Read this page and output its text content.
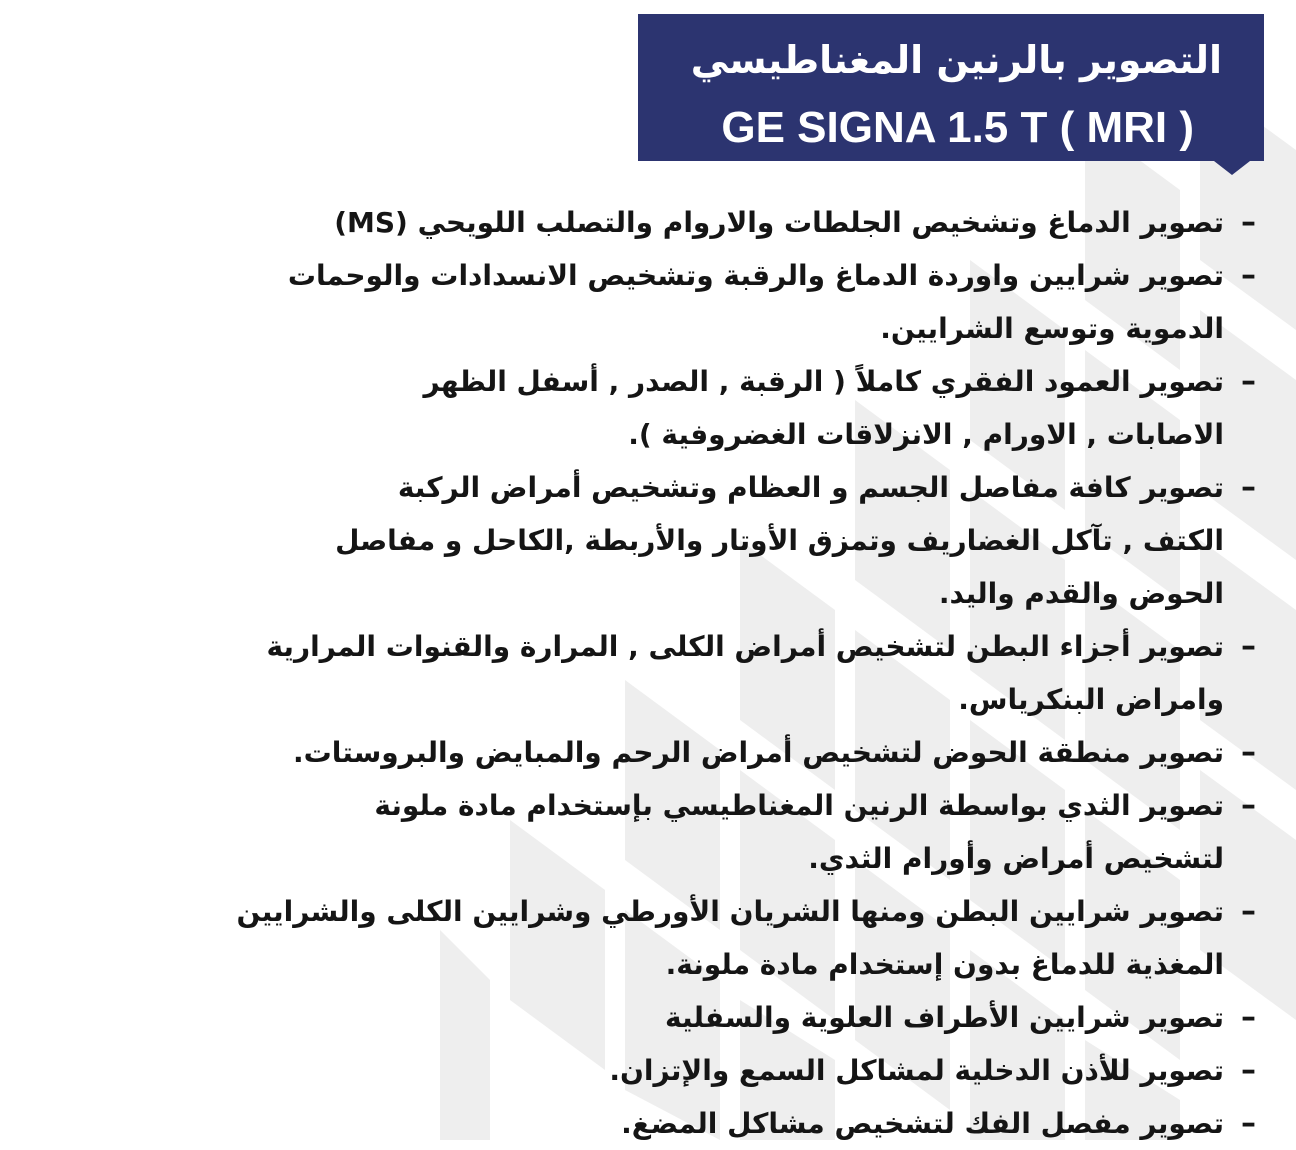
التصوير بالرنين المغناطيسي
GE SIGNA 1.5 T ( MRI )
–
تصوير الدماغ وتشخيص الجلطات والاروام والتصلب اللويحي (MS)
–
تصوير شرايين واوردة الدماغ والرقبة وتشخيص الانسدادات والوحمات
الدموية وتوسع الشرايين.
–
تصوير العمود الفقري كاملاً ( الرقبة , الصدر , أسفل الظهر
الاصابات , الاورام , الانزلاقات الغضروفية ).
–
تصوير كافة مفاصل الجسم و العظام وتشخيص أمراض الركبة
الكتف , تآكل الغضاريف وتمزق الأوتار والأربطة ,الكاحل و مفاصل
الحوض والقدم واليد.
–
تصوير أجزاء البطن لتشخيص أمراض الكلى , المرارة والقنوات المرارية
وامراض البنكرياس.
–
تصوير منطقة الحوض لتشخيص أمراض الرحم والمبايض والبروستات.
–
تصوير الثدي بواسطة الرنين المغناطيسي بإستخدام مادة ملونة
لتشخيص أمراض وأورام الثدي.
–
تصوير شرايين البطن ومنها الشريان الأورطي وشرايين الكلى والشرايين
المغذية للدماغ بدون إستخدام مادة ملونة.
–
تصوير شرايين الأطراف العلوية والسفلية
–
تصوير للأذن الدخلية لمشاكل السمع والإتزان.
–
تصوير مفصل الفك لتشخيص مشاكل المضغ.
